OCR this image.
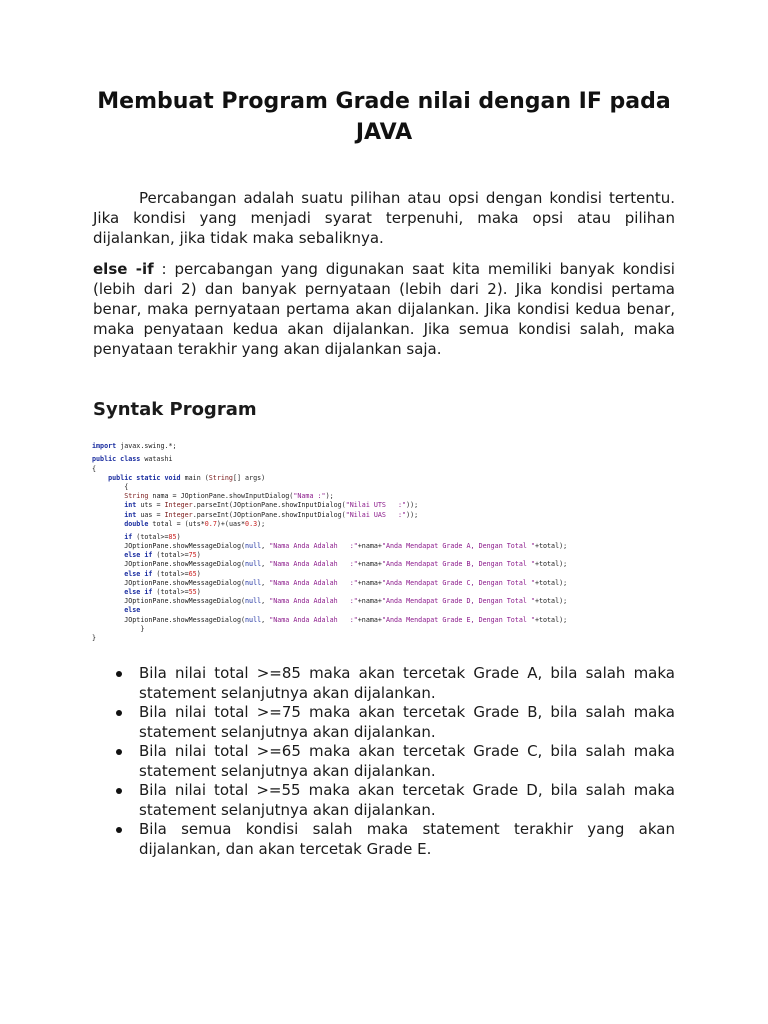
Membuat Program Grade nilai dengan IF pada JAVA

Percabangan adalah suatu pilihan atau opsi dengan kondisi tertentu. Jika kondisi yang menjadi syarat terpenuhi, maka opsi atau pilihan dijalankan, jika tidak maka sebaliknya.

else -if : percabangan yang digunakan saat kita memiliki banyak kondisi (lebih dari 2) dan banyak pernyataan (lebih dari 2). Jika kondisi pertama benar, maka pernyataan pertama akan dijalankan. Jika kondisi kedua benar, maka penyataan kedua akan dijalankan. Jika semua kondisi salah, maka penyataan terakhir yang akan dijalankan saja.

Syntak Program

import javax.swing.*;
public class watashi
{
public static void main (String[] args)
{
String nama = JOptionPane.showInputDialog("Nama :");
int uts = Integer.parseInt(JOptionPane.showInputDialog("Nilai UTS   :"));
int uas = Integer.parseInt(JOptionPane.showInputDialog("Nilai UAS   :"));
double total = (uts*0.7)+(uas*0.3);
if (total>=85)
JOptionPane.showMessageDialog(null, "Nama Anda Adalah   :"+nama+"Anda Mendapat Grade A, Dengan Total "+total);
else if (total>=75)
JOptionPane.showMessageDialog(null, "Nama Anda Adalah   :"+nama+"Anda Mendapat Grade B, Dengan Total "+total);
else if (total>=65)
JOptionPane.showMessageDialog(null, "Nama Anda Adalah   :"+nama+"Anda Mendapat Grade C, Dengan Total "+total);
else if (total>=55)
JOptionPane.showMessageDialog(null, "Nama Anda Adalah   :"+nama+"Anda Mendapat Grade D, Dengan Total "+total);
else
JOptionPane.showMessageDialog(null, "Nama Anda Adalah   :"+nama+"Anda Mendapat Grade E, Dengan Total "+total);
}
}

Bila nilai total >=85 maka akan tercetak Grade A, bila salah maka statement selanjutnya akan dijalankan.
Bila nilai total >=75 maka akan tercetak Grade B, bila salah maka statement selanjutnya akan dijalankan.
Bila nilai total >=65 maka akan tercetak Grade C, bila salah maka statement selanjutnya akan dijalankan.
Bila nilai total >=55 maka akan tercetak Grade D, bila salah maka statement selanjutnya akan dijalankan.
Bila semua kondisi salah maka statement terakhir yang akan dijalankan, dan akan tercetak Grade E.
